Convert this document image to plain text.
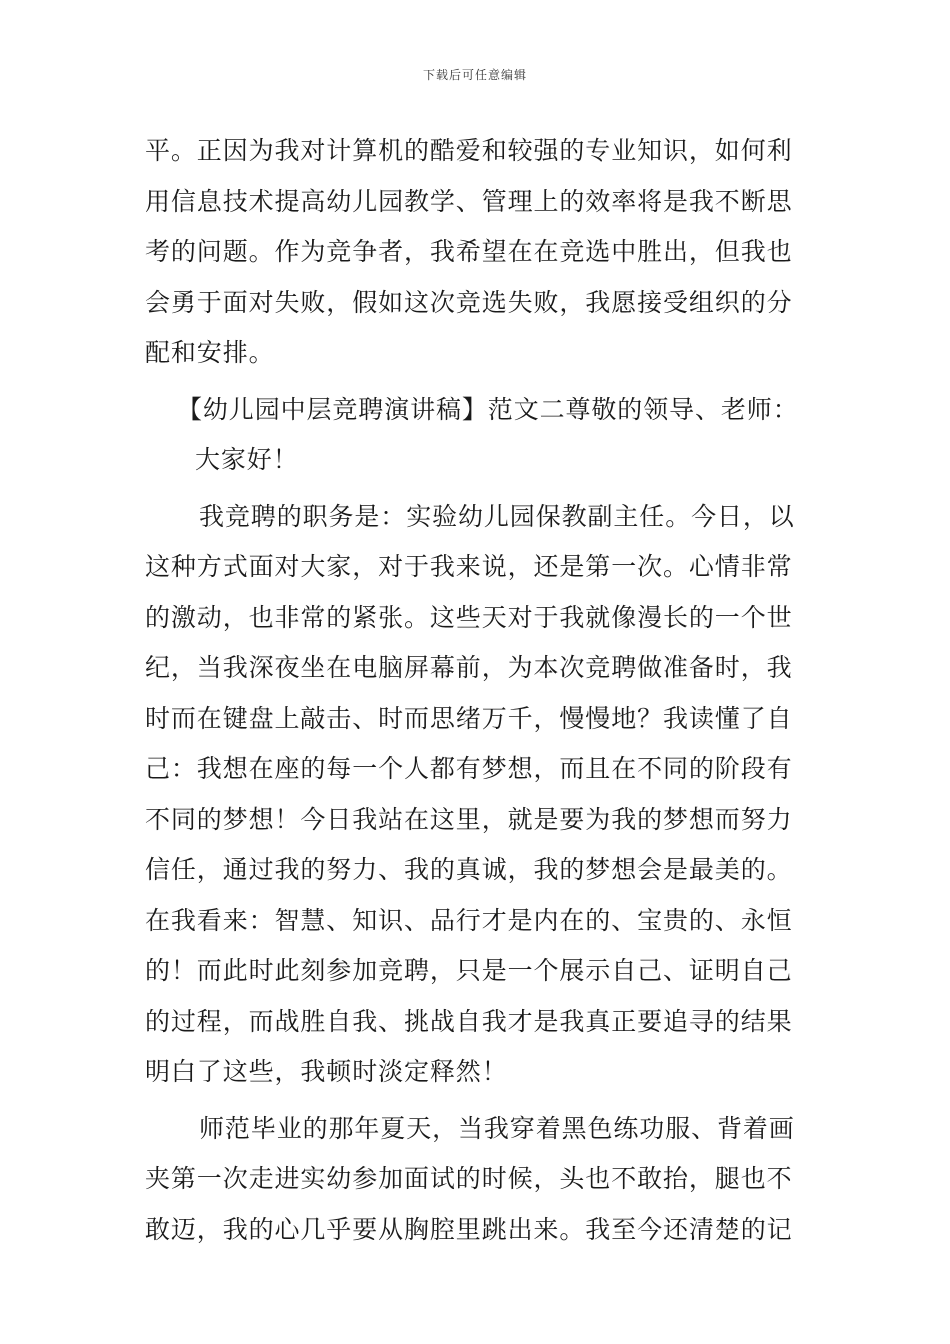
下载后可任意编辑
平。正因为我对计算机的酷爱和较强的专业知识，如何利
用信息技术提高幼儿园教学、管理上的效率将是我不断思
考的问题。作为竞争者，我希望在在竞选中胜出，但我也
会勇于面对失败，假如这次竞选失败，我愿接受组织的分
配和安排。
【幼儿园中层竞聘演讲稿】范文二尊敬的领导、老师：
大家好！
我竞聘的职务是：实验幼儿园保教副主任。今日，以
这种方式面对大家，对于我来说，还是第一次。心情非常
的激动，也非常的紧张。这些天对于我就像漫长的一个世
纪，当我深夜坐在电脑屏幕前，为本次竞聘做准备时，我
时而在键盘上敲击、时而思绪万千，慢慢地？我读懂了自
己：我想在座的每一个人都有梦想，而且在不同的阶段有
不同的梦想！今日我站在这里，就是要为我的梦想而努力
信任，通过我的努力、我的真诚，我的梦想会是最美的。
在我看来：智慧、知识、品行才是内在的、宝贵的、永恒
的！而此时此刻参加竞聘，只是一个展示自己、证明自己
的过程，而战胜自我、挑战自我才是我真正要追寻的结果
明白了这些，我顿时淡定释然！
师范毕业的那年夏天，当我穿着黑色练功服、背着画
夹第一次走进实幼参加面试的时候，头也不敢抬，腿也不
敢迈，我的心几乎要从胸腔里跳出来。我至今还清楚的记
